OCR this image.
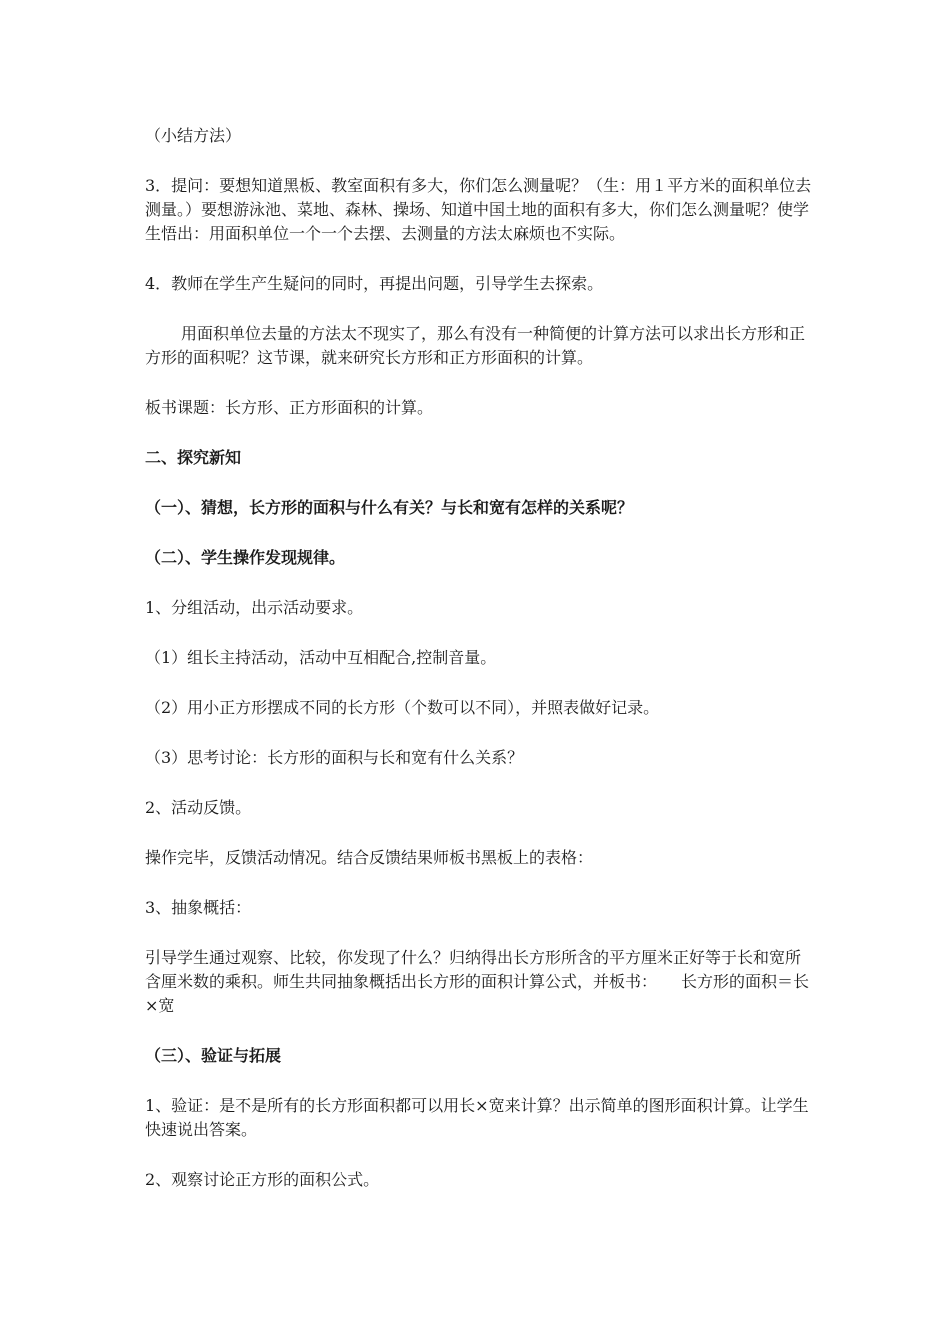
（小结方法）

3．提问：要想知道黑板、教室面积有多大，你们怎么测量呢？（生：用１平方米的面积单位去测量。）要想游泳池、菜地、森林、操场、知道中国土地的面积有多大，你们怎么测量呢？使学生悟出：用面积单位一个一个去摆、去测量的方法太麻烦也不实际。

4．教师在学生产生疑问的同时，再提出问题，引导学生去探索。

用面积单位去量的方法太不现实了，那么有没有一种简便的计算方法可以求出长方形和正方形的面积呢？这节课，就来研究长方形和正方形面积的计算。

板书课题：长方形、正方形面积的计算。

二、探究新知

（一）、猜想，长方形的面积与什么有关？与长和宽有怎样的关系呢？

（二）、学生操作发现规律。

1、分组活动，出示活动要求。

（1）组长主持活动，活动中互相配合,控制音量。

（2）用小正方形摆成不同的长方形（个数可以不同），并照表做好记录。

（3）思考讨论：长方形的面积与长和宽有什么关系？

2、活动反馈。

操作完毕，反馈活动情况。结合反馈结果师板书黑板上的表格：

3、抽象概括：

引导学生通过观察、比较，你发现了什么？归纳得出长方形所含的平方厘米正好等于长和宽所含厘米数的乘积。师生共同抽象概括出长方形的面积计算公式，并板书：　　长方形的面积＝长×宽

（三）、验证与拓展

1、验证：是不是所有的长方形面积都可以用长×宽来计算？出示简单的图形面积计算。让学生快速说出答案。

2、观察讨论正方形的面积公式。
